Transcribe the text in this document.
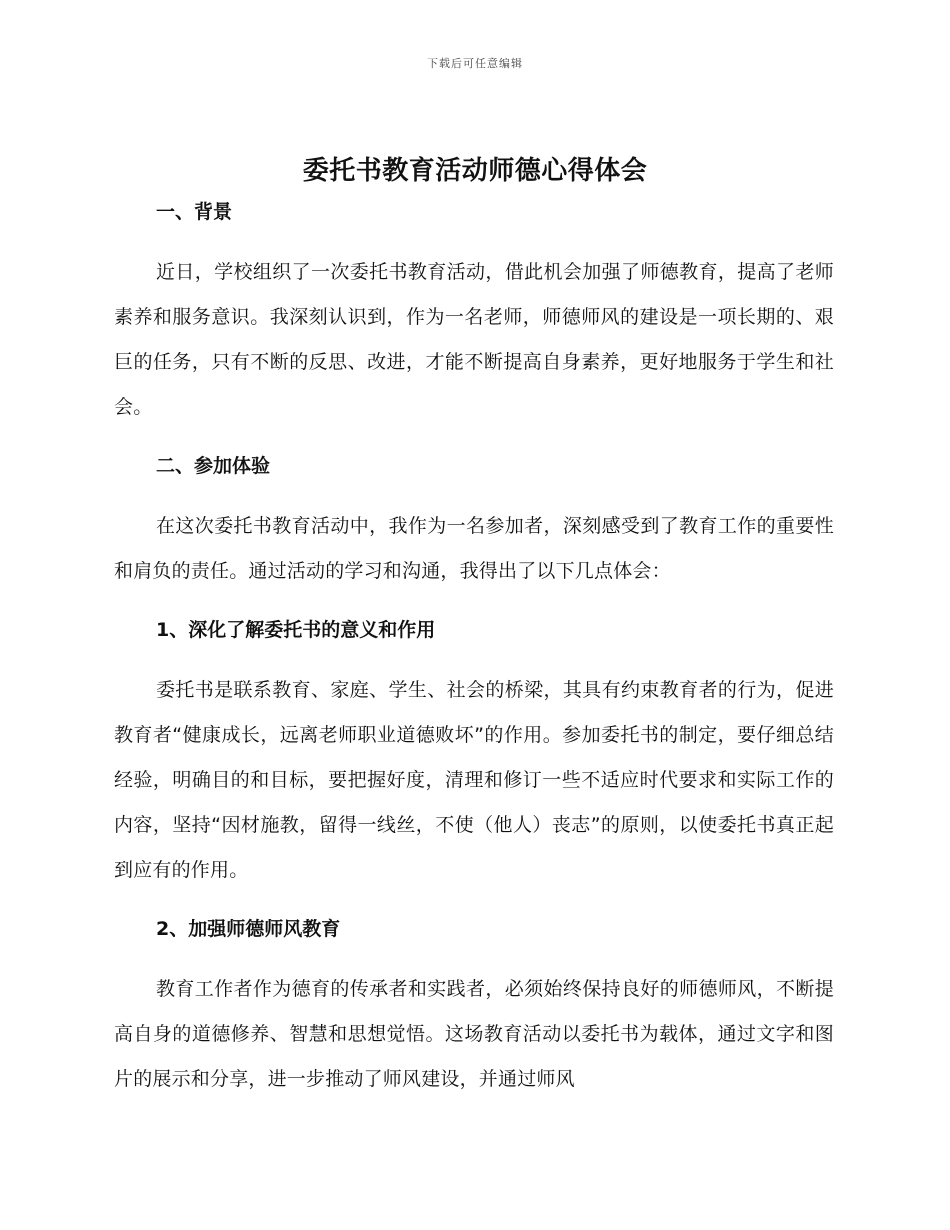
下载后可任意编辑
委托书教育活动师德心得体会

一、背景

近日，学校组织了一次委托书教育活动，借此机会加强了师德教育，提高了老师素养和服务意识。我深刻认识到，作为一名老师，师德师风的建设是一项长期的、艰巨的任务，只有不断的反思、改进，才能不断提高自身素养，更好地服务于学生和社会。

二、参加体验

在这次委托书教育活动中，我作为一名参加者，深刻感受到了教育工作的重要性和肩负的责任。通过活动的学习和沟通，我得出了以下几点体会：

1、深化了解委托书的意义和作用

委托书是联系教育、家庭、学生、社会的桥梁，其具有约束教育者的行为，促进教育者“健康成长，远离老师职业道德败坏”的作用。参加委托书的制定，要仔细总结经验，明确目的和目标，要把握好度，清理和修订一些不适应时代要求和实际工作的内容，坚持“因材施教，留得一线丝，不使（他人）丧志”的原则，以使委托书真正起到应有的作用。

2、加强师德师风教育

教育工作者作为德育的传承者和实践者，必须始终保持良好的师德师风，不断提高自身的道德修养、智慧和思想觉悟。这场教育活动以委托书为载体，通过文字和图片的展示和分享，进一步推动了师风建设，并通过师风
